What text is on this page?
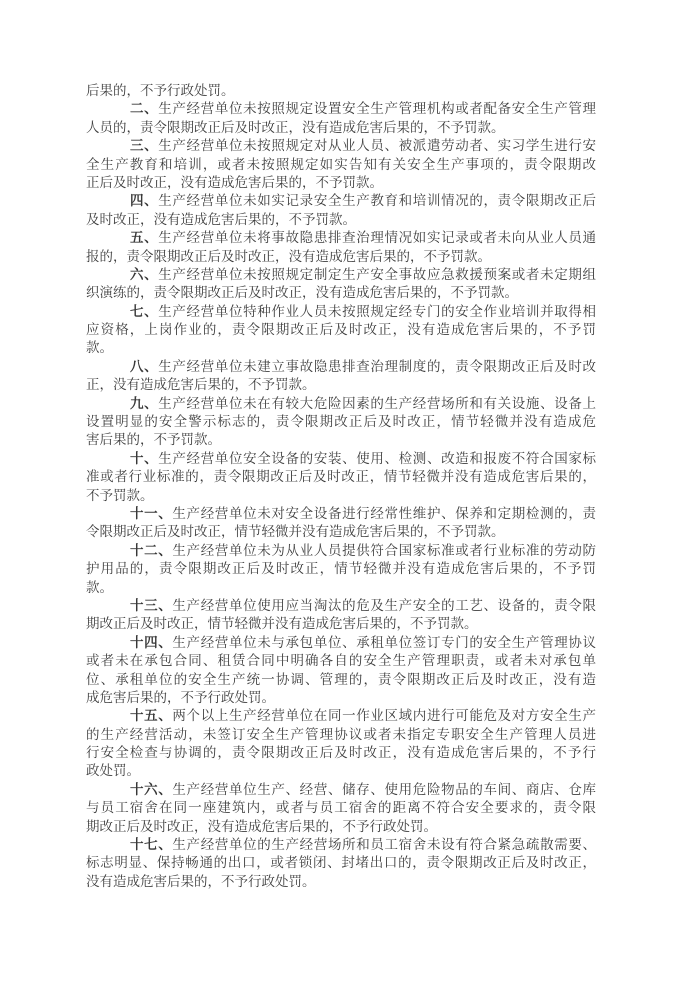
后果的，不予行政处罚。
二、生产经营单位未按照规定设置安全生产管理机构或者配备安全生产管理
人员的，责令限期改正后及时改正，没有造成危害后果的，不予罚款。
三、生产经营单位未按照规定对从业人员、被派遣劳动者、实习学生进行安
全生产教育和培训，或者未按照规定如实告知有关安全生产事项的，责令限期改
正后及时改正，没有造成危害后果的，不予罚款。
四、生产经营单位未如实记录安全生产教育和培训情况的，责令限期改正后
及时改正，没有造成危害后果的，不予罚款。
五、生产经营单位未将事故隐患排查治理情况如实记录或者未向从业人员通
报的，责令限期改正后及时改正，没有造成危害后果的，不予罚款。
六、生产经营单位未按照规定制定生产安全事故应急救援预案或者未定期组
织演练的，责令限期改正后及时改正，没有造成危害后果的，不予罚款。
七、生产经营单位特种作业人员未按照规定经专门的安全作业培训并取得相
应资格，上岗作业的，责令限期改正后及时改正，没有造成危害后果的，不予罚
款。
八、生产经营单位未建立事故隐患排查治理制度的，责令限期改正后及时改
正，没有造成危害后果的，不予罚款。
九、生产经营单位未在有较大危险因素的生产经营场所和有关设施、设备上
设置明显的安全警示标志的，责令限期改正后及时改正，情节轻微并没有造成危
害后果的，不予罚款。
十、生产经营单位安全设备的安装、使用、检测、改造和报废不符合国家标
准或者行业标准的，责令限期改正后及时改正，情节轻微并没有造成危害后果的，
不予罚款。
十一、生产经营单位未对安全设备进行经常性维护、保养和定期检测的，责
令限期改正后及时改正，情节轻微并没有造成危害后果的，不予罚款。
十二、生产经营单位未为从业人员提供符合国家标准或者行业标准的劳动防
护用品的，责令限期改正后及时改正，情节轻微并没有造成危害后果的，不予罚
款。
十三、生产经营单位使用应当淘汰的危及生产安全的工艺、设备的，责令限
期改正后及时改正，情节轻微并没有造成危害后果的，不予罚款。
十四、生产经营单位未与承包单位、承租单位签订专门的安全生产管理协议
或者未在承包合同、租赁合同中明确各自的安全生产管理职责，或者未对承包单
位、承租单位的安全生产统一协调、管理的，责令限期改正后及时改正，没有造
成危害后果的，不予行政处罚。
十五、两个以上生产经营单位在同一作业区域内进行可能危及对方安全生产
的生产经营活动，未签订安全生产管理协议或者未指定专职安全生产管理人员进
行安全检查与协调的，责令限期改正后及时改正，没有造成危害后果的，不予行
政处罚。
十六、生产经营单位生产、经营、储存、使用危险物品的车间、商店、仓库
与员工宿舍在同一座建筑内，或者与员工宿舍的距离不符合安全要求的，责令限
期改正后及时改正，没有造成危害后果的，不予行政处罚。
十七、生产经营单位的生产经营场所和员工宿舍未设有符合紧急疏散需要、
标志明显、保持畅通的出口，或者锁闭、封堵出口的，责令限期改正后及时改正，
没有造成危害后果的，不予行政处罚。
